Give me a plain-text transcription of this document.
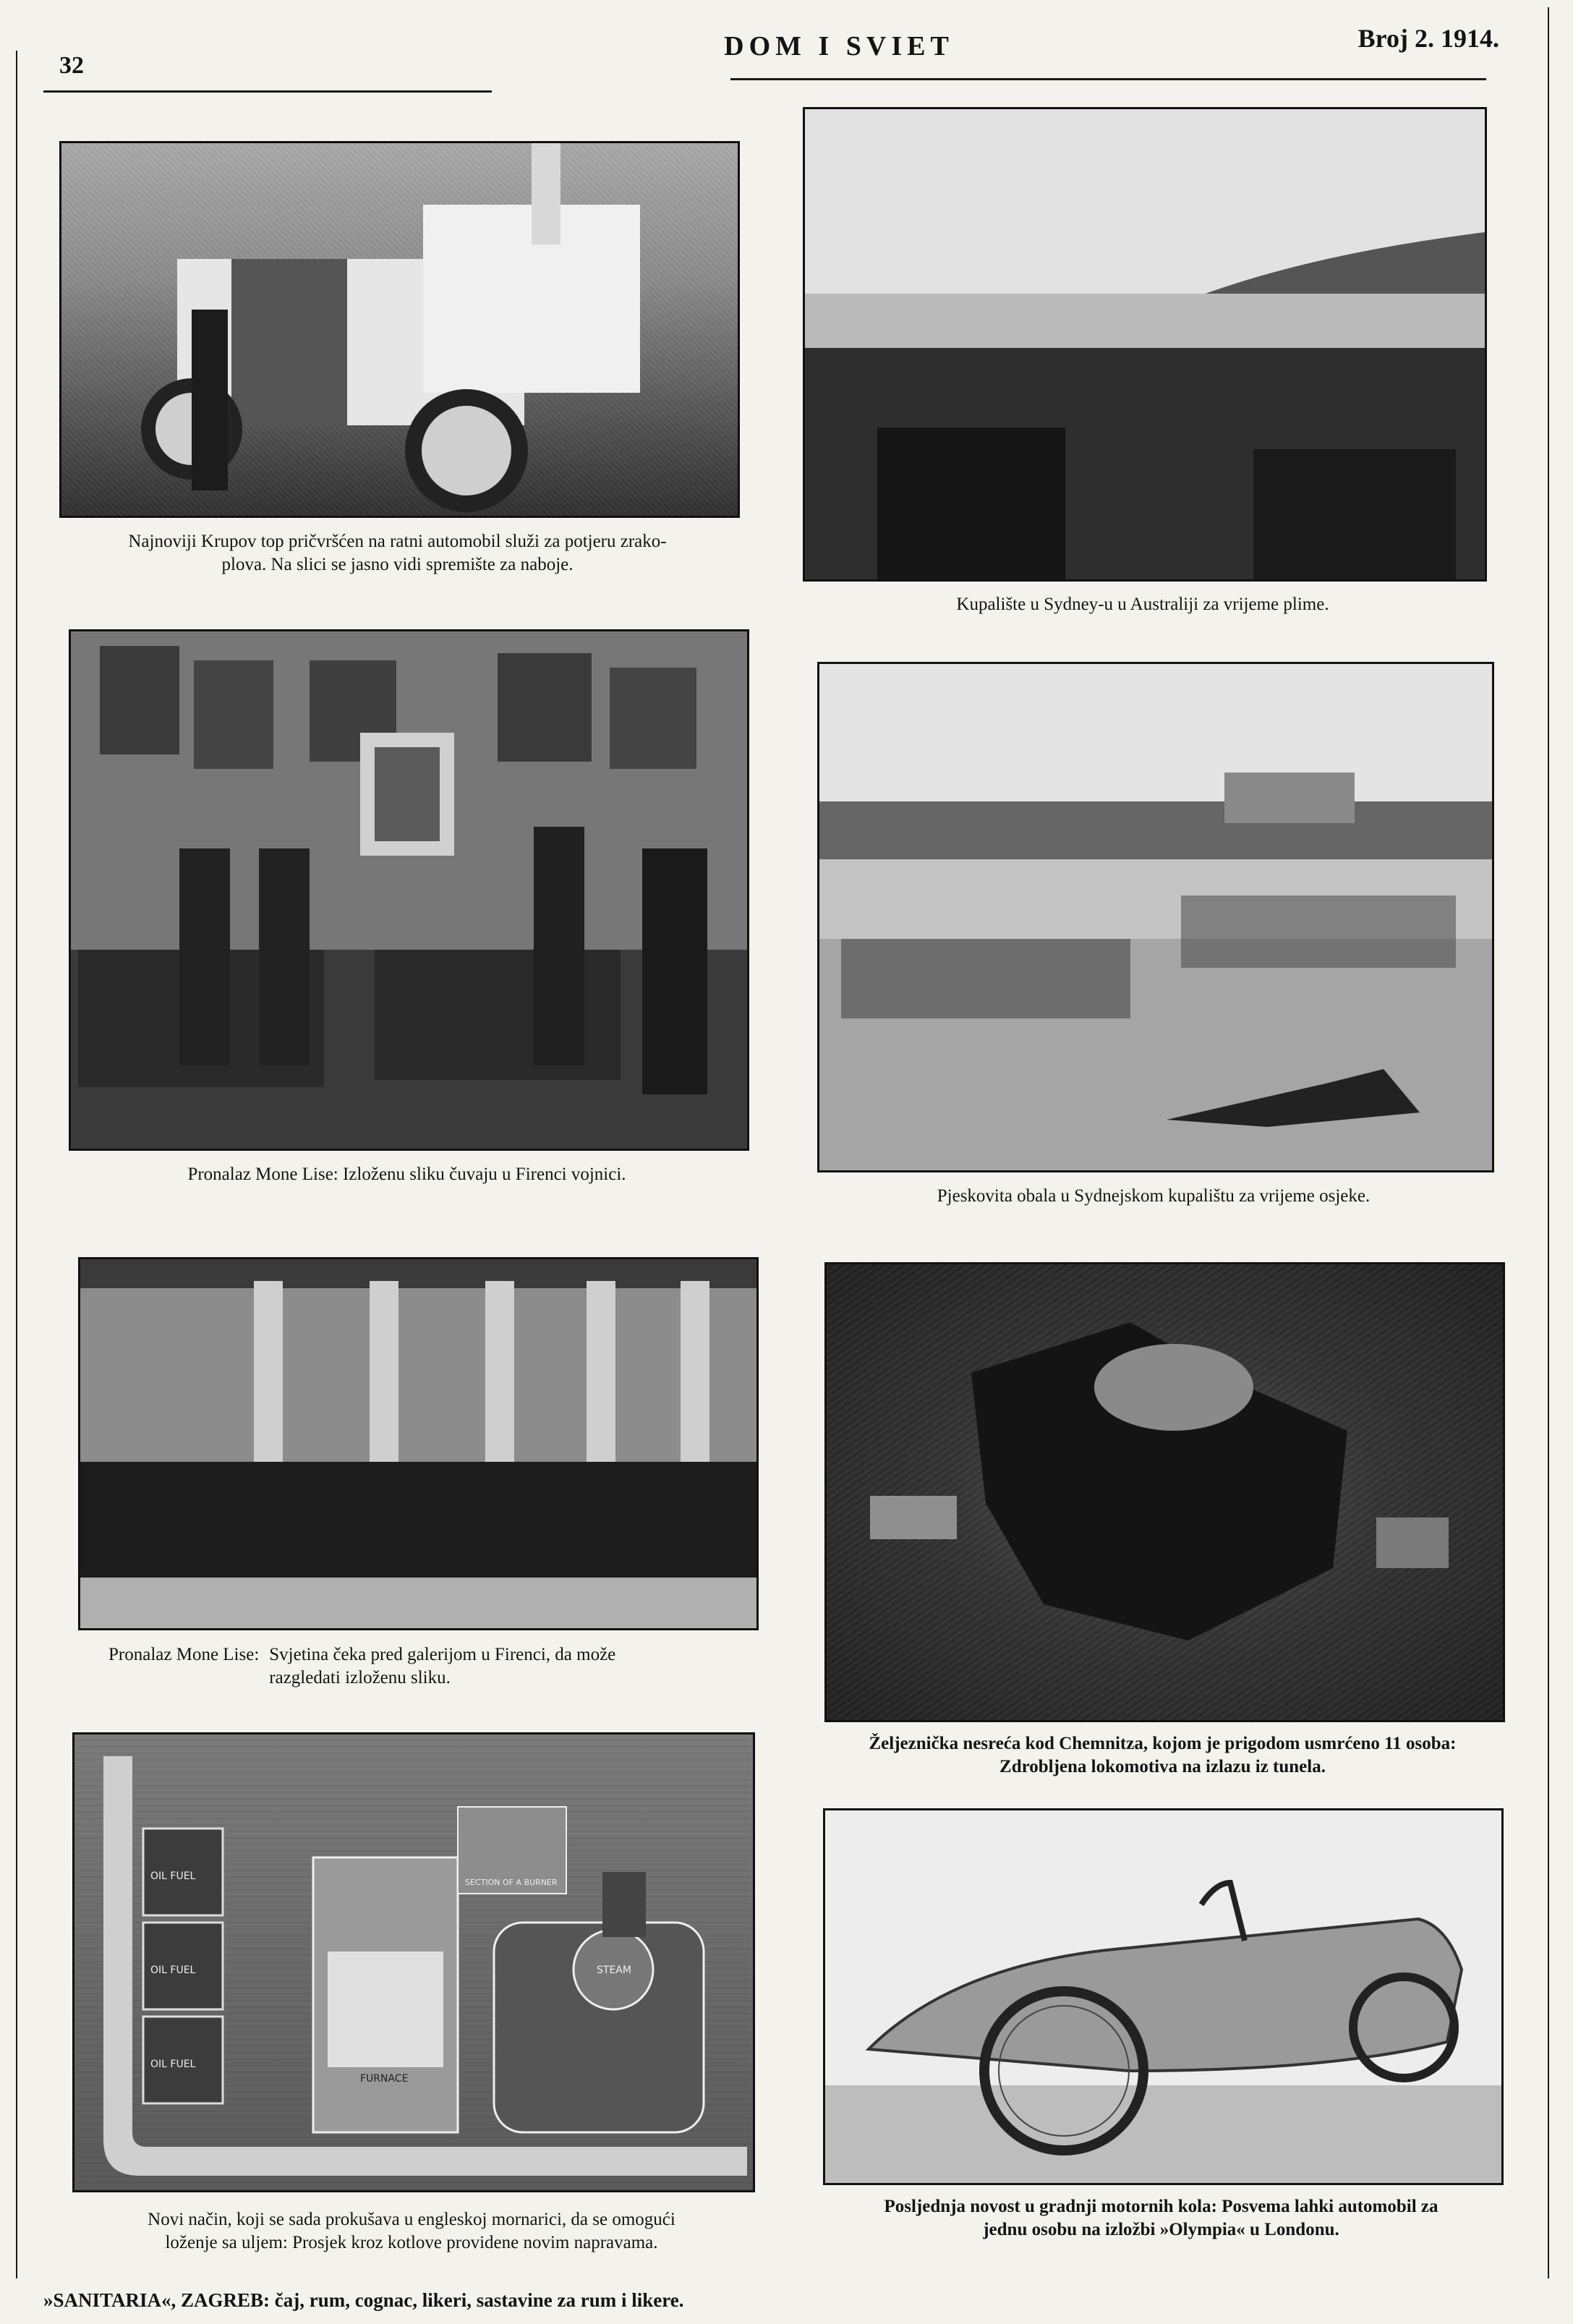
32
DOM I SVIET	Broj 2. 1914.
Najnoviji Krupov top pričvršćen na ratni automobil služi za potjeru zrako-
plova. Na slici se jasno vidi spremište za naboje.
Kupalište u Sydney-u u Australiji za vrijeme plime.
Pronalaz Mone Lise: Izloženu sliku čuvaju u Firenci vojnici.
Pjeskovita obala u Sydnejskom kupalištu za vrijeme osjeke.
Pronalaz Mone Lise: Svjetina čeka pred galerijom u Firenci, da može
razgledati izloženu sliku.
Željeznička nesreća kod Chemnitza, kojom je prigodom usmrćeno 11 osoba:
Zdrobljena lokomotiva na izlazu iz tunela.
OIL FUEL
OIL FUEL
OIL FUEL
SECTION OF A BURNER
FURNACE
STEAM
Novi način, koji se sada prokušava u engleskoj mornarici, da se omogući
loženje sa uljem: Prosjek kroz kotlove providene novim napravama.
Posljednja novost u gradnji motornih kola: Posvema lahki automobil za
jednu osobu na izložbi »Olympia« u Londonu.
»SANITARIA«, ZAGREB: čaj, rum, cognac, likeri, sastavine za rum i likere.
